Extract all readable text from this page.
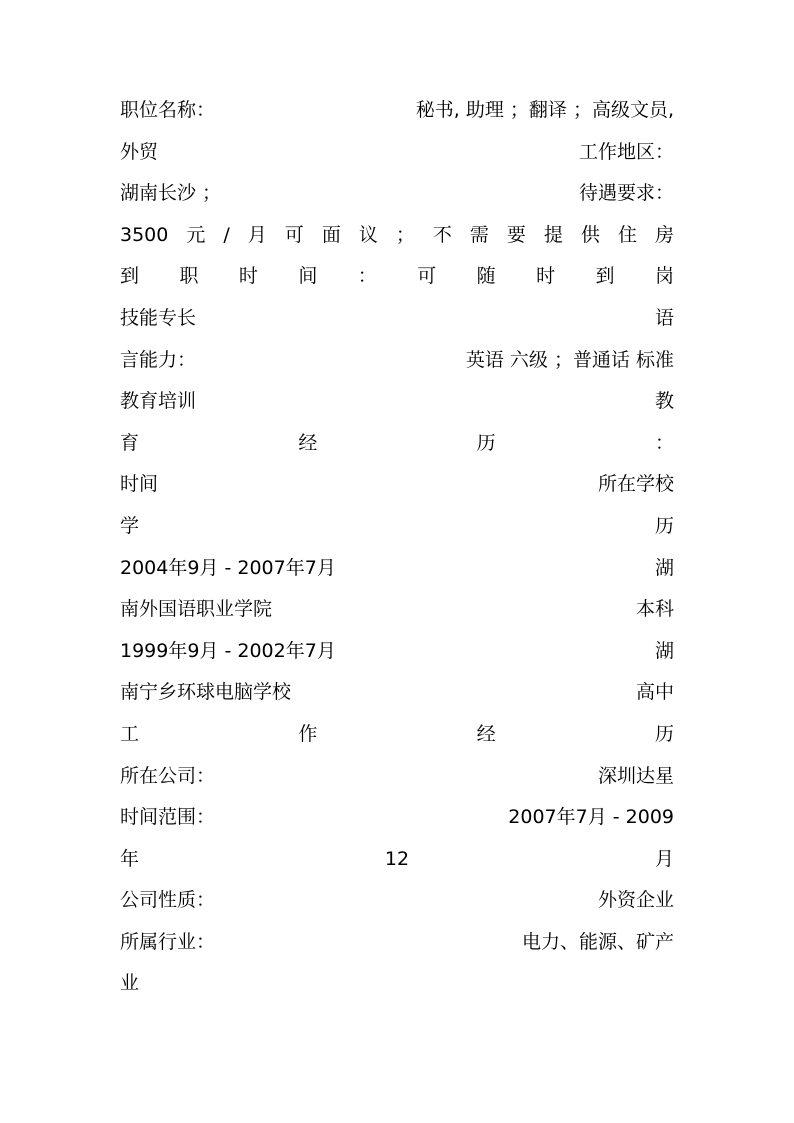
职位名称：	秘书, 助理 ；翻译 ；高级文员,
外贸	工作地区：
湖南长沙 ；	待遇要求：
3500 元 / 月 可 面 议 ； 不 需 要 提 供 住 房
到 职 时 间 ： 可 随 时 到 岗
技能专长	语
言能力：	英语 六级 ；普通话 标准
教育培训	教
育	经	历	：
时间	所在学校
学	历
2004年9月 - 2007年7月	湖
南外国语职业学院	本科
1999年9月 - 2002年7月	湖
南宁乡环球电脑学校	高中
工	作	经	历
所在公司：	深圳达星
时间范围：	2007年7月 - 2009
年	12	月
公司性质：	外资企业
所属行业：	电力、能源、矿产
业
